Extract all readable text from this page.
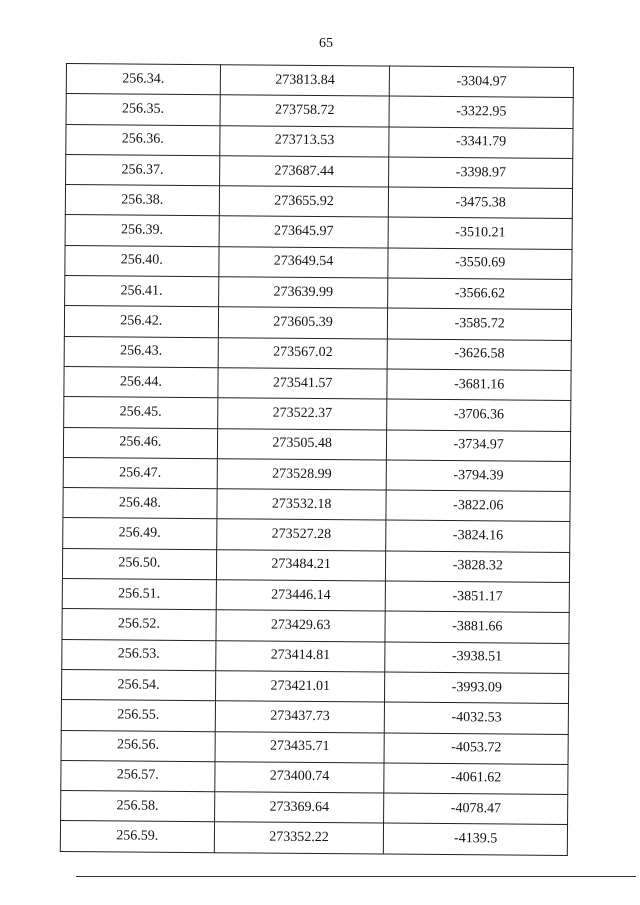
65
256.34.	273813.84	-3304.97
256.35.	273758.72	-3322.95
256.36.	273713.53	-3341.79
256.37.	273687.44	-3398.97
256.38.	273655.92	-3475.38
256.39.	273645.97	-3510.21
256.40.	273649.54	-3550.69
256.41.	273639.99	-3566.62
256.42.	273605.39	-3585.72
256.43.	273567.02	-3626.58
256.44.	273541.57	-3681.16
256.45.	273522.37	-3706.36
256.46.	273505.48	-3734.97
256.47.	273528.99	-3794.39
256.48.	273532.18	-3822.06
256.49.	273527.28	-3824.16
256.50.	273484.21	-3828.32
256.51.	273446.14	-3851.17
256.52.	273429.63	-3881.66
256.53.	273414.81	-3938.51
256.54.	273421.01	-3993.09
256.55.	273437.73	-4032.53
256.56.	273435.71	-4053.72
256.57.	273400.74	-4061.62
256.58.	273369.64	-4078.47
256.59.	273352.22	-4139.5
